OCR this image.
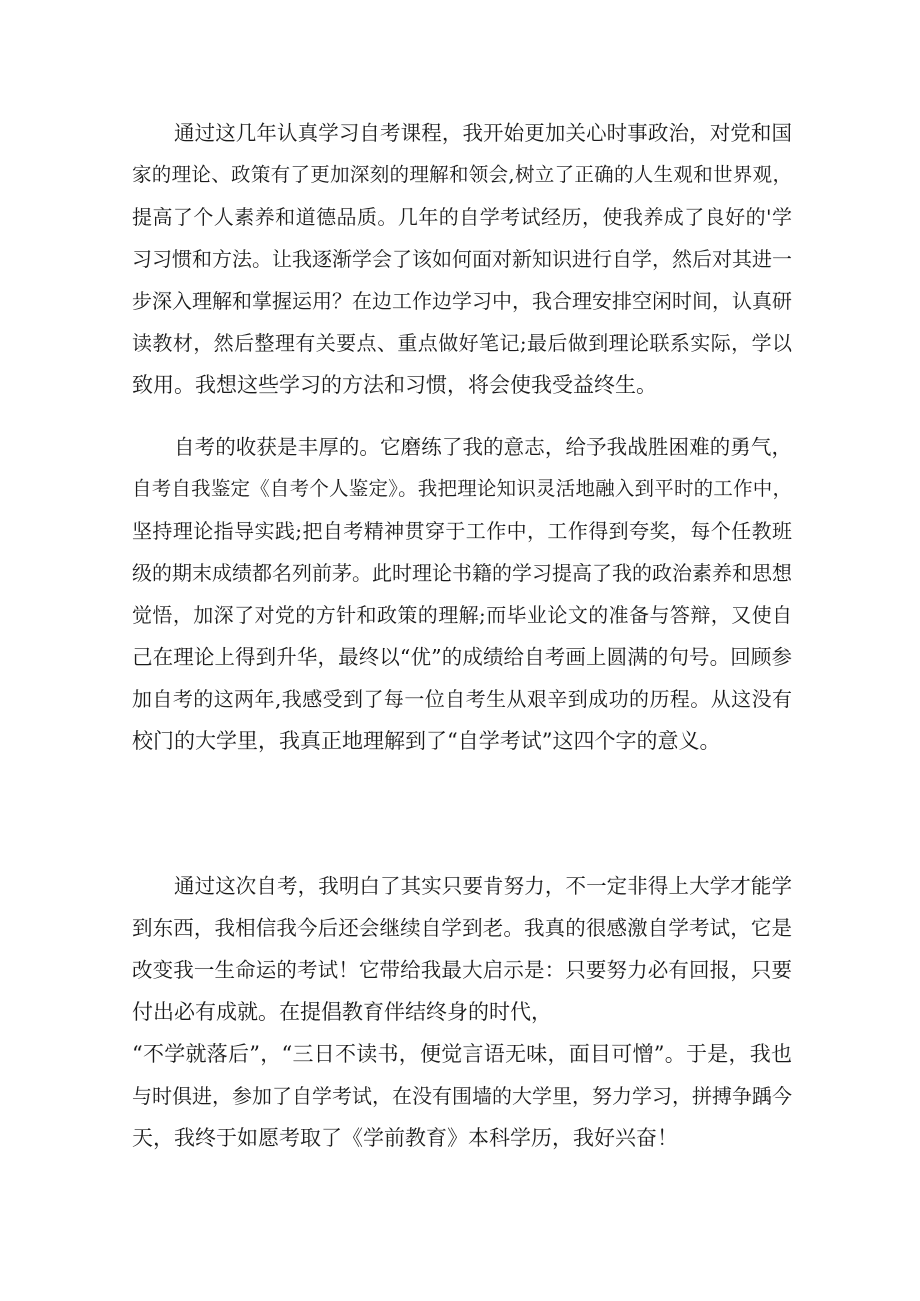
通过这几年认真学习自考课程，我开始更加关心时事政治，对党和国

家的理论、政策有了更加深刻的理解和领会,树立了正确的人生观和世界观，

提高了个人素养和道德品质。几年的自学考试经历，使我养成了良好的'学

习习惯和方法。让我逐渐学会了该如何面对新知识进行自学，然后对其进一

步深入理解和掌握运用？在边工作边学习中，我合理安排空闲时间，认真研

读教材，然后整理有关要点、重点做好笔记;最后做到理论联系实际，学以

致用。我想这些学习的方法和习惯，将会使我受益终生。

自考的收获是丰厚的。它磨练了我的意志，给予我战胜困难的勇气，

自考自我鉴定《自考个人鉴定》。我把理论知识灵活地融入到平时的工作中，

坚持理论指导实践;把自考精神贯穿于工作中，工作得到夸奖，每个任教班

级的期末成绩都名列前茅。此时理论书籍的学习提高了我的政治素养和思想

觉悟，加深了对党的方针和政策的理解;而毕业论文的准备与答辩，又使自

己在理论上得到升华，最终以“优”的成绩给自考画上圆满的句号。回顾参

加自考的这两年,我感受到了每一位自考生从艰辛到成功的历程。从这没有

校门的大学里，我真正地理解到了“自学考试”这四个字的意义。

通过这次自考，我明白了其实只要肯努力，不一定非得上大学才能学

到东西，我相信我今后还会继续自学到老。我真的很感激自学考试，它是

改变我一生命运的考试！它带给我最大启示是：只要努力必有回报，只要

付出必有成就。在提倡教育伴结终身的时代，

“不学就落后”，“三日不读书，便觉言语无味，面目可憎”。于是，我也

与时俱进，参加了自学考试，在没有围墙的大学里，努力学习，拼搏争踽今

天，我终于如愿考取了《学前教育》本科学历，我好兴奋！
